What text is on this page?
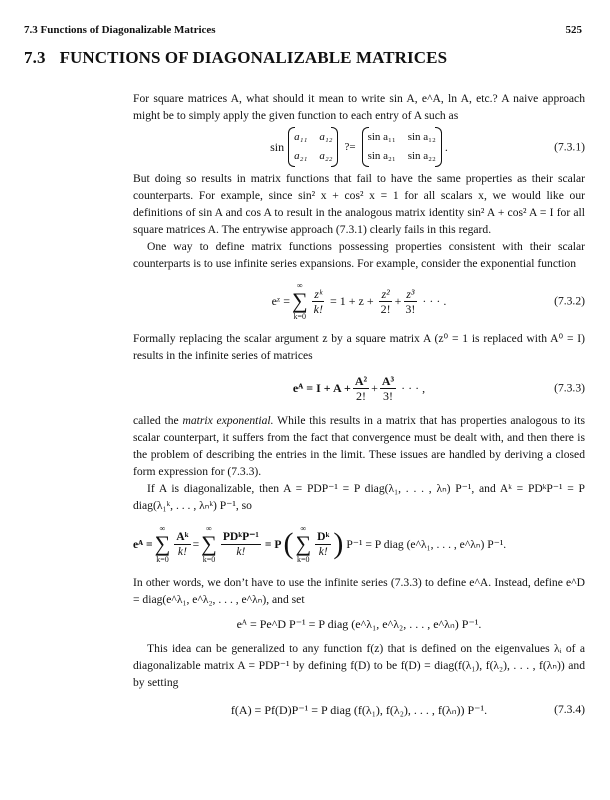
7.3 Functions of Diagonalizable Matrices	525
7.3 FUNCTIONS OF DIAGONALIZABLE MATRICES

For square matrices A, what should it mean to write sin A, e^A, ln A, etc.? A naive approach might be to simply apply the given function to each entry of A such as

sin
a₁₁ a₁₂
a₂₁ a₂₂
?=
sin a₁₁ sin a₁₂
sin a₂₁ sin a₂₂
.	(7.3.1)

But doing so results in matrix functions that fail to have the same properties as their scalar counterparts. For example, since sin² x + cos² x = 1 for all scalars x, we would like our definitions of sin A and cos A to result in the analogous matrix identity sin² A + cos² A = I for all square matrices A. The entrywise approach (7.3.1) clearly fails in this regard.

One way to define matrix functions possessing properties consistent with their scalar counterparts is to use infinite series expansions. For example, consider the exponential function

eᶻ =
∞
∑
k=0
$\frac{\text{zᵏ}}{k!} = 1 + z + \frac{\text{z²}}{2!} + \frac{\text{z³}}{3!}$ · · · .	(7.3.2)

Formally replacing the scalar argument z by a square matrix A (z⁰ = 1 is replaced with A⁰ = I) results in the infinite series of matrices

eᴬ = $I + A + \frac{\text{A²}}{2!} + \frac{\text{A³}}{3!}$ · · · ,	(7.3.3)

called the matrix exponential. While this results in a matrix that has properties analogous to its scalar counterpart, it suffers from the fact that convergence must be dealt with, and then there is the problem of describing the entries in the limit. These issues are handled by deriving a closed form expression for (7.3.3).

If A is diagonalizable, then A = PDP⁻¹ = P diag(λ₁, . . . , λₙ) P⁻¹, and Aᵏ = PDᵏP⁻¹ = P diag(λ₁ᵏ, . . . , λₙᵏ) P⁻¹, so

eᴬ =
∞
∑
k=0
$\frac{\text{Aᵏ}}{k!}$ =
∞
∑
k=0
$\frac{\text{PDᵏP⁻¹}}{k!} = P$ ( ∞
∑
k=0
$\frac{\text{Dᵏ}}{k!}$ ) P⁻¹ = P diag (e^λ₁, . . . , e^λₙ) P⁻¹.

In other words, we don’t have to use the infinite series (7.3.3) to define e^A. Instead, define e^D = diag(e^λ₁, e^λ₂, . . . , e^λₙ), and set

eᴬ = Pe^D P⁻¹ = P diag (e^λ₁, e^λ₂, . . . , e^λₙ) P⁻¹.

This idea can be generalized to any function f(z) that is defined on the eigenvalues λᵢ of a diagonalizable matrix A = PDP⁻¹ by defining f(D) to be f(D) = diag(f(λ₁), f(λ₂), . . . , f(λₙ)) and by setting

f(A) = Pf(D)P⁻¹ = P diag (f(λ₁), f(λ₂), . . . , f(λₙ)) P⁻¹.	(7.3.4)
